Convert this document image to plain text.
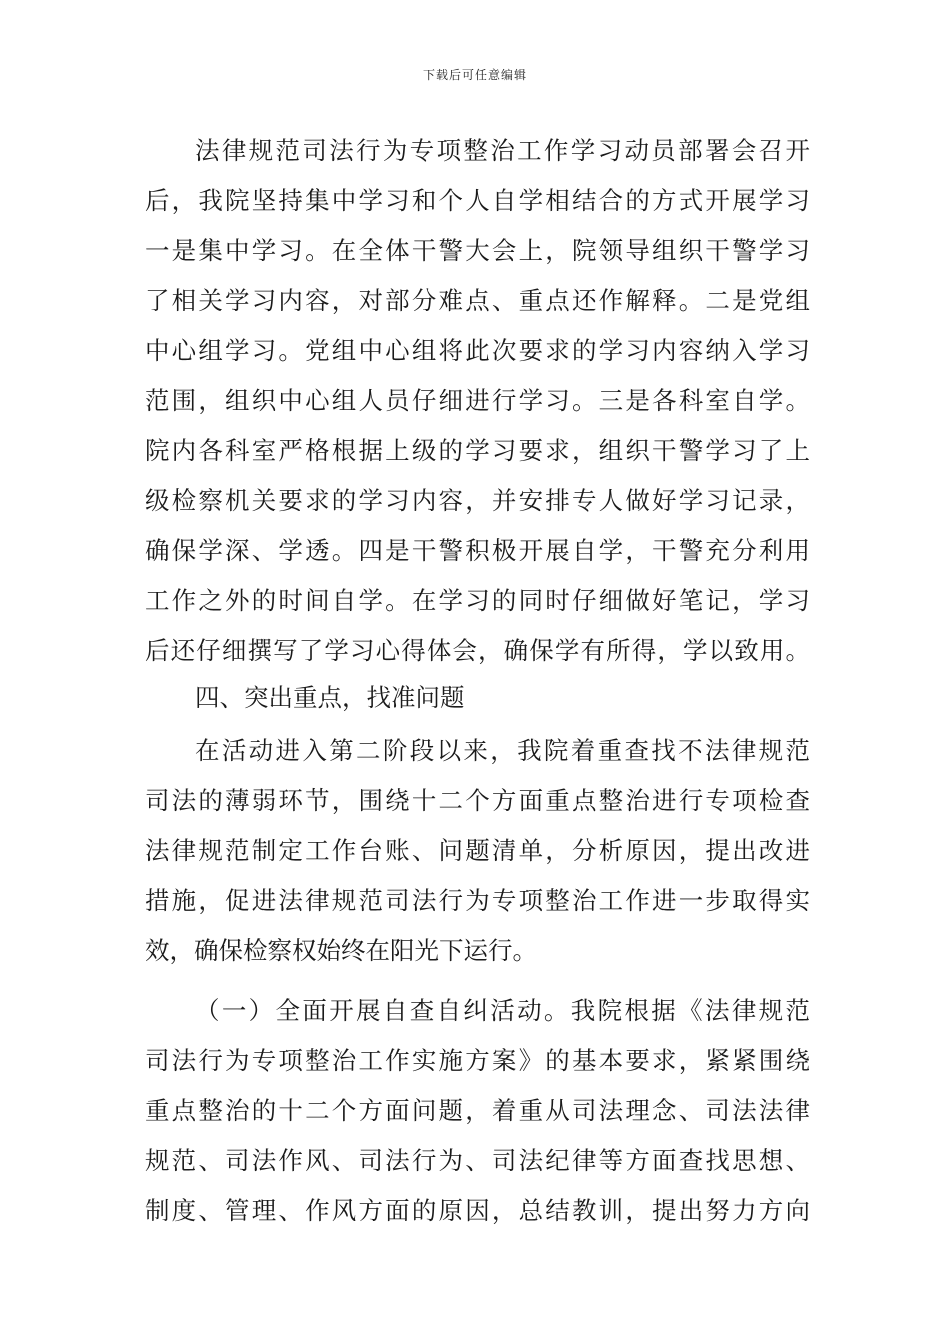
下载后可任意编辑
法律规范司法行为专项整治工作学习动员部署会召开
后，我院坚持集中学习和个人自学相结合的方式开展学习
一是集中学习。在全体干警大会上，院领导组织干警学习
了相关学习内容，对部分难点、重点还作解释。二是党组
中心组学习。党组中心组将此次要求的学习内容纳入学习
范围，组织中心组人员仔细进行学习。三是各科室自学。
院内各科室严格根据上级的学习要求，组织干警学习了上
级检察机关要求的学习内容，并安排专人做好学习记录，
确保学深、学透。四是干警积极开展自学，干警充分利用
工作之外的时间自学。在学习的同时仔细做好笔记，学习
后还仔细撰写了学习心得体会，确保学有所得，学以致用。
四、突出重点，找准问题
在活动进入第二阶段以来，我院着重查找不法律规范
司法的薄弱环节，围绕十二个方面重点整治进行专项检查
法律规范制定工作台账、问题清单，分析原因，提出改进
措施，促进法律规范司法行为专项整治工作进一步取得实
效，确保检察权始终在阳光下运行。
（一）全面开展自查自纠活动。我院根据《法律规范
司法行为专项整治工作实施方案》的基本要求，紧紧围绕
重点整治的十二个方面问题，着重从司法理念、司法法律
规范、司法作风、司法行为、司法纪律等方面查找思想、
制度、管理、作风方面的原因，总结教训，提出努力方向
